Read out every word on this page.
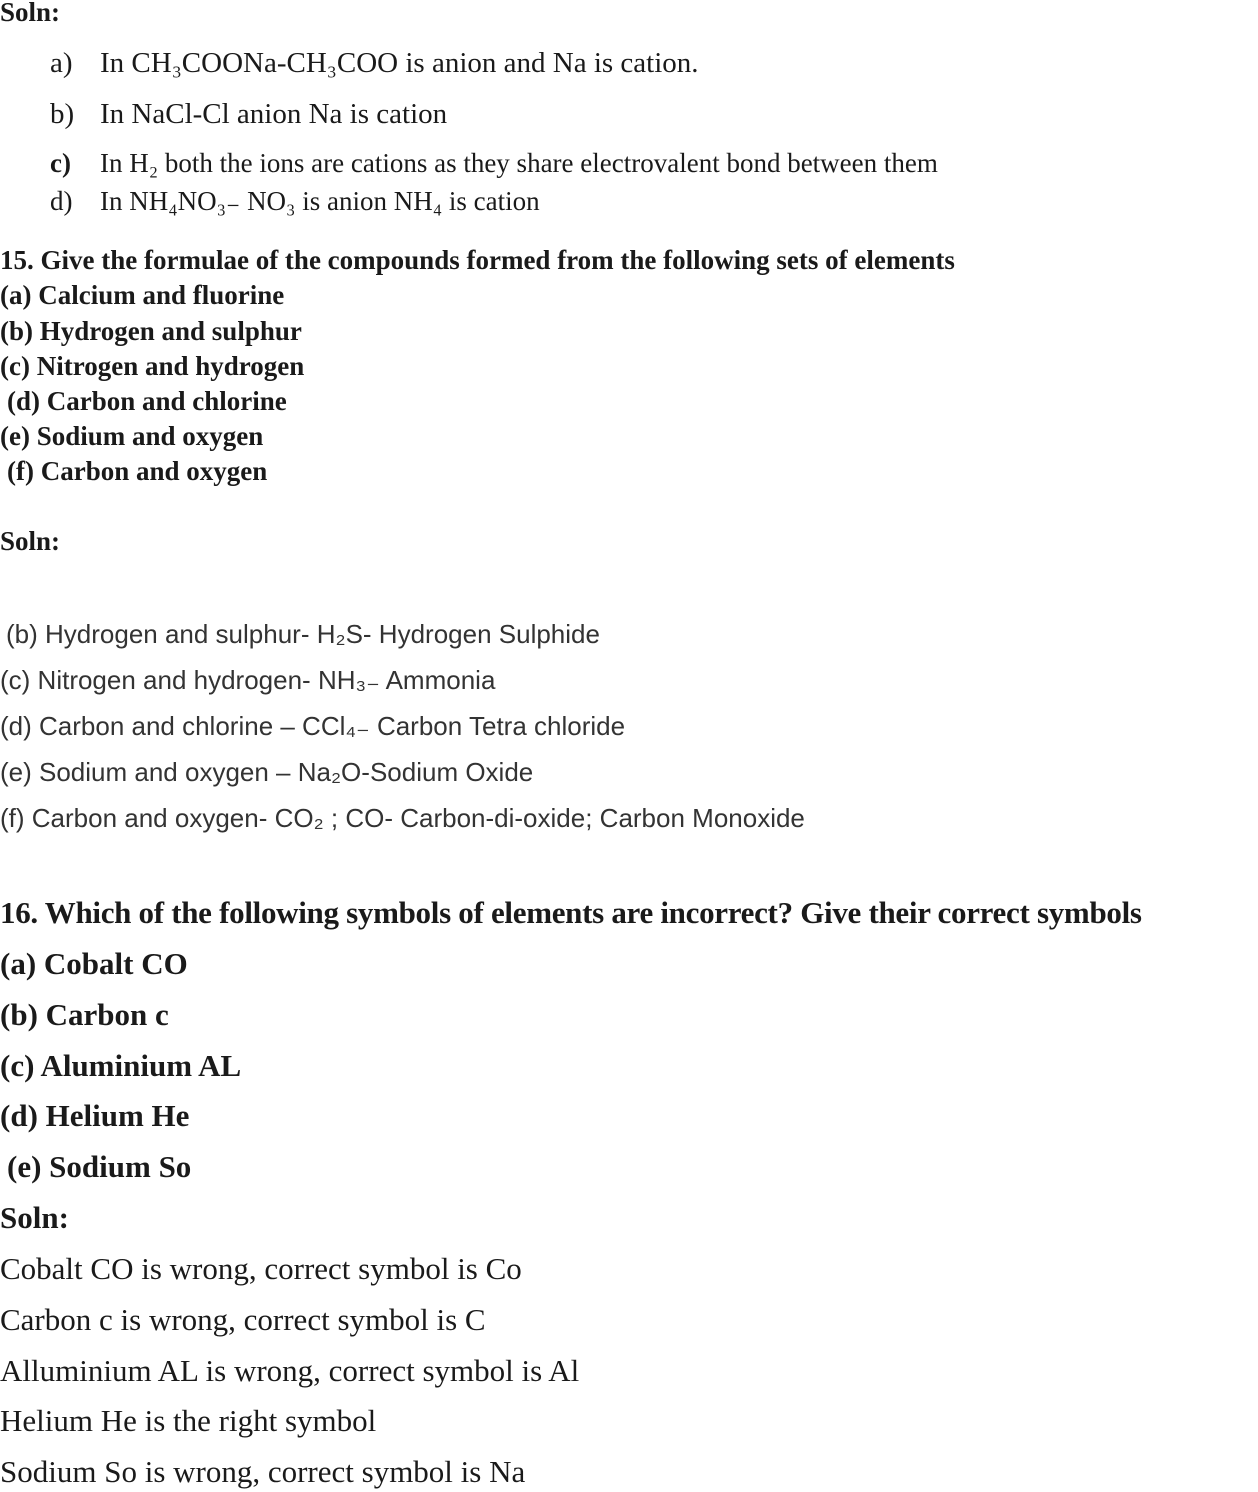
Soln:
a) In CH₃COONa-CH₃COO is anion and Na is cation.
b) In NaCl-Cl anion Na is cation
c) In H₂ both the ions are cations as they share electrovalent bond between them
d) In NH₄NO₃₋ NO₃ is anion NH₄ is cation
15. Give the formulae of the compounds formed from the following sets of elements
(a) Calcium and fluorine
(b) Hydrogen and sulphur
(c) Nitrogen and hydrogen
(d) Carbon and chlorine
(e) Sodium and oxygen
(f) Carbon and oxygen
Soln:
(b) Hydrogen and sulphur- H₂S- Hydrogen Sulphide
(c) Nitrogen and hydrogen- NH₃₋ Ammonia
(d) Carbon and chlorine – CCl₄₋ Carbon Tetra chloride
(e) Sodium and oxygen – Na₂O-Sodium Oxide
(f) Carbon and oxygen- CO₂ ; CO- Carbon-di-oxide; Carbon Monoxide
16. Which of the following symbols of elements are incorrect? Give their correct symbols
(a) Cobalt CO
(b) Carbon c
(c) Aluminium AL
(d) Helium He
(e) Sodium So
Soln:
Cobalt CO is wrong, correct symbol is Co
Carbon c is wrong, correct symbol is C
Alluminium AL is wrong, correct symbol is Al
Helium He is the right symbol
Sodium So is wrong, correct symbol is Na
